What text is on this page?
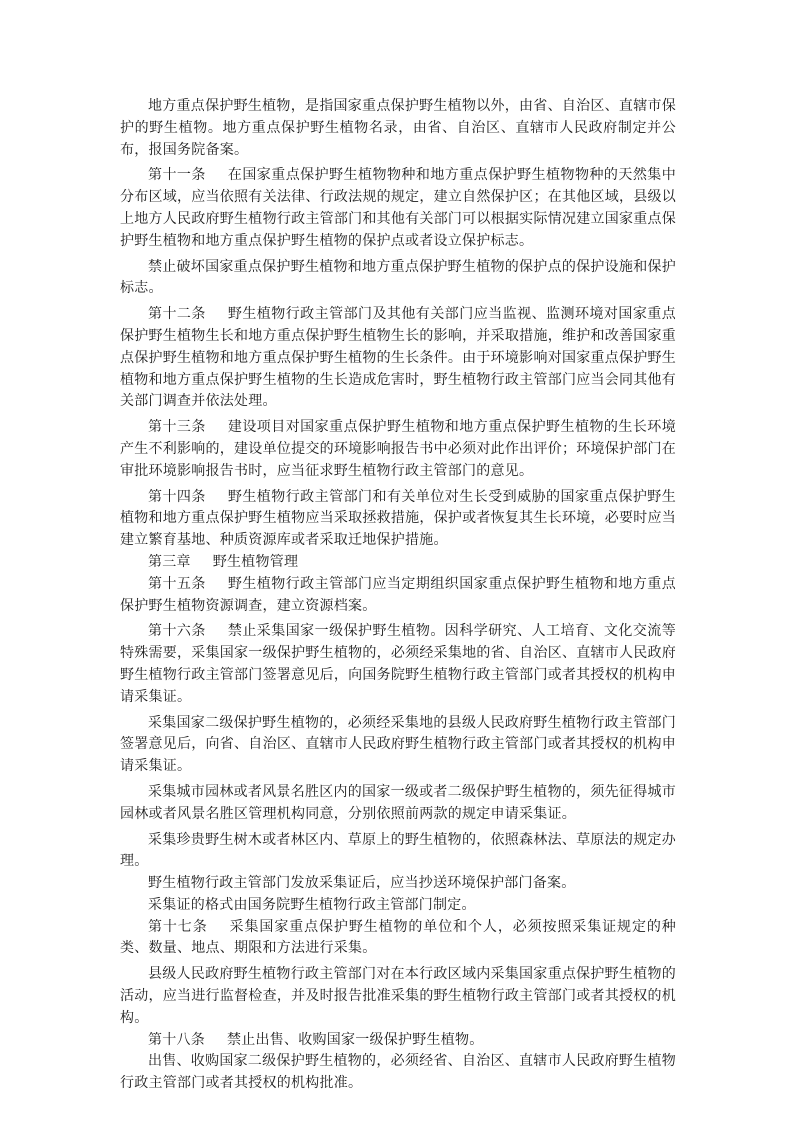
地方重点保护野生植物，是指国家重点保护野生植物以外，由省、自治区、直辖市保护的野生植物。地方重点保护野生植物名录，由省、自治区、直辖市人民政府制定并公布，报国务院备案。

第十一条 在国家重点保护野生植物物种和地方重点保护野生植物物种的天然集中分布区域，应当依照有关法律、行政法规的规定，建立自然保护区；在其他区域，县级以上地方人民政府野生植物行政主管部门和其他有关部门可以根据实际情况建立国家重点保护野生植物和地方重点保护野生植物的保护点或者设立保护标志。

禁止破坏国家重点保护野生植物和地方重点保护野生植物的保护点的保护设施和保护标志。

第十二条 野生植物行政主管部门及其他有关部门应当监视、监测环境对国家重点保护野生植物生长和地方重点保护野生植物生长的影响，并采取措施，维护和改善国家重点保护野生植物和地方重点保护野生植物的生长条件。由于环境影响对国家重点保护野生植物和地方重点保护野生植物的生长造成危害时，野生植物行政主管部门应当会同其他有关部门调查并依法处理。

第十三条 建设项目对国家重点保护野生植物和地方重点保护野生植物的生长环境产生不利影响的，建设单位提交的环境影响报告书中必须对此作出评价；环境保护部门在审批环境影响报告书时，应当征求野生植物行政主管部门的意见。

第十四条 野生植物行政主管部门和有关单位对生长受到威胁的国家重点保护野生植物和地方重点保护野生植物应当采取拯救措施，保护或者恢复其生长环境，必要时应当建立繁育基地、种质资源库或者采取迁地保护措施。

第三章 野生植物管理

第十五条 野生植物行政主管部门应当定期组织国家重点保护野生植物和地方重点保护野生植物资源调查，建立资源档案。

第十六条 禁止采集国家一级保护野生植物。因科学研究、人工培育、文化交流等特殊需要，采集国家一级保护野生植物的，必须经采集地的省、自治区、直辖市人民政府野生植物行政主管部门签署意见后，向国务院野生植物行政主管部门或者其授权的机构申请采集证。

采集国家二级保护野生植物的，必须经采集地的县级人民政府野生植物行政主管部门签署意见后，向省、自治区、直辖市人民政府野生植物行政主管部门或者其授权的机构申请采集证。

采集城市园林或者风景名胜区内的国家一级或者二级保护野生植物的，须先征得城市园林或者风景名胜区管理机构同意，分别依照前两款的规定申请采集证。

采集珍贵野生树木或者林区内、草原上的野生植物的，依照森林法、草原法的规定办理。

野生植物行政主管部门发放采集证后，应当抄送环境保护部门备案。

采集证的格式由国务院野生植物行政主管部门制定。

第十七条 采集国家重点保护野生植物的单位和个人，必须按照采集证规定的种类、数量、地点、期限和方法进行采集。

县级人民政府野生植物行政主管部门对在本行政区域内采集国家重点保护野生植物的活动，应当进行监督检查，并及时报告批准采集的野生植物行政主管部门或者其授权的机构。

第十八条 禁止出售、收购国家一级保护野生植物。

出售、收购国家二级保护野生植物的，必须经省、自治区、直辖市人民政府野生植物行政主管部门或者其授权的机构批准。
